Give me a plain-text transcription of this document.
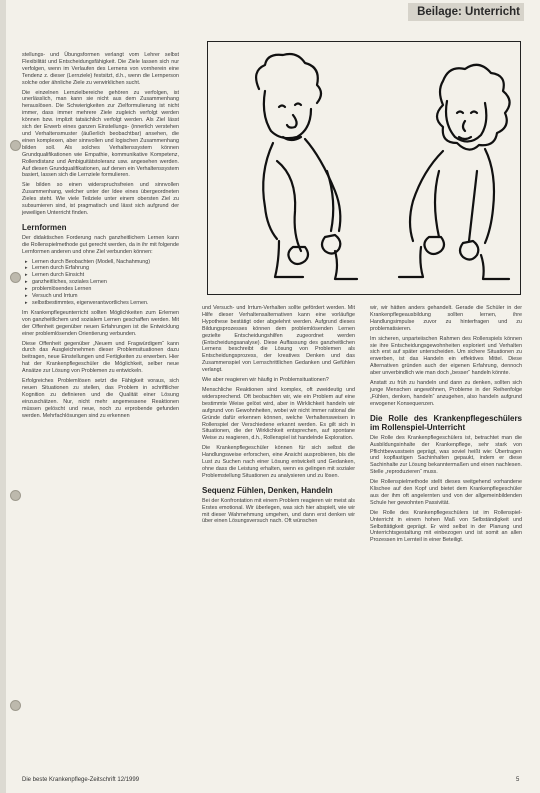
Beilage: Unterricht

stellungs- und Übungsformen verlangt vom Lehrer selbst Flexibilität und Entscheidungsfähigkeit. Die Ziele lassen sich nur verfolgen, wenn im Verlaufen des Lernens von vornherein eine Tendenz z. dieser (Lernziele) festsitzt, d.h., wenn die Lernperson solche oder ähnliche Ziele zu verwirklichen sucht.

Die einzelnen Lernzielbereiche gehören zu verfolgen, ist unerlässlich, man kann sie nicht aus dem Zusammenhang herauslösen. Die Schwierigkeiten zur Zielformulierung ist nicht immer, dass immer mehrere Ziele zugleich verfolgt werden können bzw. implizit tatsächlich verfolgt werden. Als Ziel lässt sich der Erwerb eines ganzen Einstellungs- (innerlich verstehen und Verhaltensmuster (äußerlich beobachtbar) ansehen, die einen komplexen, aber sinnvollen und logischen Zusammenhang bilden soll. Als solches Verhaltenssystem können Grundqualifikationen wie Empathie, kommunikative Kompetenz, Rollendistanz und Ambiguitätstoleranz usw. angesehen werden. Auf diesen Grundqualifikationen, auf denen ein Verhaltenssystem basiert, lassen sich die Lernziele formulieren.

Sie bilden so einen widerspruchsfreien und sinnvollen Zusammenhang, welcher unter der Idee eines übergeordneten Zieles steht. Wie viele Teilziele unter einem obersten Ziel zu subsumieren sind, ist pragmatisch und lässt sich aufgrund der jeweiligen Unterricht finden.

Lernformen

Der didaktischen Forderung nach ganzheitlichem Lernen kann die Rollenspielmethode gut gerecht werden, da in ihr mit folgende Lernformen anderen und ohne Ziel verbunden können:

▸ Lernen durch Beobachten (Modell, Nachahmung)
▸ Lernen durch Erfahrung
▸ Lernen durch Einsicht
▸ ganzheitliches, soziales Lernen
▸ problemlösendes Lernen
▸ Versuch und Irrtum
▸ selbstbestimmtes, eigenverantwortliches Lernen.

Im Krankenpflegeunterricht sollten Möglichkeiten zum Erlernen von ganzheitlichem und sozialem Lernen geschaffen werden. Mit der Offenheit gegenüber neuen Erfahrungen ist die Entwicklung einer problemlösenden Orientierung verbunden.

Diese Offenheit gegenüber „Neuem und Fragwürdigem“ kann durch das Ausgleichnehmen dieser Problemsituationen dazu beitragen, neue Einstellungen und Fertigkeiten zu erwerben. Hier hat der Krankenpflegeschüler die Möglichkeit, selber neue Ansätze zur Lösung von Problemen zu entwickeln.

Erfolgreiches Problemlösen setzt die Fähigkeit voraus, sich neuen Situationen zu stellen, das Problem in schriftlicher Kognition zu definieren und die Qualität einer Lösung einzuschätzen. Nur, nicht mehr angemessene Reaktionen müssen gelöscht und neue, noch zu erprobende gefunden werden. Mehrfachlösungen sind zu erkennen

und Versuch- und Irrtum-Verhalten sollte gefördert werden. Mit Hilfe dieser Verhaltensalternativen kann eine vorläufige Hypothese bestätigt oder abgelehnt werden. Aufgrund dieses Bildungsprozesses können dem problemlösenden Lernen gezielte Entscheidungshilfen zugeordnet werden (Entscheidungsanalyse). Diese Auffassung des ganzheitlichen Lernens beschreibt die Lösung von Problemen als Entscheidungsprozess, der kreatives Denken und das Zusammenspiel von Lernschrittlichen Gedanken und Gefühlen verlangt.

Wie aber reagieren wir häufig in Problemsituationen?

Menschliche Reaktionen sind komplex, oft zweideutig und widersprechend. Oft beobachten wir, wie ein Problem auf eine bestimmte Weise gelöst wird, aber in Wirklichkeit handeln wir aufgrund von Gewohnheiten, wobei wir nicht immer rational die Gründe dafür erkennen können, welche Verhaltensweisen in Rollenspiel der Verschiedene erkannt werden. Es gilt sich in Situationen, die der Wirklichkeit entsprechen, auf spontane Weise zu reagieren, d.h., Rollenspiel ist handelnde Exploration.

Die Krankenpflegeschüler können für sich selbst die Handlungsweise erforschen, eine Ansicht ausprobieren, bis die Lust zu Suchen nach einer Lösung entwickelt und Gedanken, ohne dass die Leistung erhalten, wenn es gelingen mit sozialer Problemstellung Situationen zu analysieren und zu lösen.

Sequenz Fühlen, Denken, Handeln

Bei der Konfrontation mit einem Problem reagieren wir meist als Erstes emotional. Wir überlegen, was sich hier abspielt, wie wir mit dieser Wahrnehmung umgehen, und dann erst denken wir über einen Lösungsversuch nach. Oft wünschen

wir, wir hätten anders gehandelt. Gerade die Schüler in der Krankenpflegeausbildung sollten lernen, ihre Handlungsimpulse zuvor zu hinterfragen und zu problematisieren.

Im sicheren, unparteiischen Rahmen des Rollenspiels können sie ihre Entscheidungsgewohnheiten exploriert und Verhalten sich erst auf später unterscheiden. Um sichere Situationen zu erwerben, ist das Handeln ein effektives Mittel. Diese Alternativen gründen auch der eigenen Erfahrung, dennoch aber unverbindlich wie man doch „besser“ handeln könnte.

Anstatt zu früh zu handeln und dann zu denken, sollten sich junge Menschen angewöhnen, Probleme in der Reihenfolge „Fühlen, denken, handeln“ anzugehen, also handeln aufgrund erwogener Konsequenzen.

Die Rolle des Krankenpflegeschülers im Rollenspiel-Unterricht

Die Rolle des Krankenpflegeschülers ist, betrachtet man die Ausbildungsinhalte der Krankenpflege, sehr stark von Pflichtbewusstsein geprägt, was soviel heißt wie: Übertragen und kopflastigen Sachinhalten gepaukt, indem er diese Sachinhalte zur Lösung bekanntermaßen und einen nachlesen. Stelle „reproduzieren“ muss.

Die Rollenspielmethode stellt dieses weitgehend vorhandene Klischee auf den Kopf und bietet dem Krankenpflegeschüler aus der ihm oft angelernten und von der allgemeinbildenden Schule her gewohnten Passivität.

Die Rolle des Krankenpflegeschülers ist im Rollenspiel-Unterricht in einem hohen Maß von Selbständigkeit und Selbsttätigkeit geprägt. Er wird selbst in der Planung und Unterrichtsgestaltung mit einbezogen und ist somit an allen Prozessen im Lernteil in einer Beteiligt.

Die beste Krankenpflege-Zeitschrift 12/1999	5
